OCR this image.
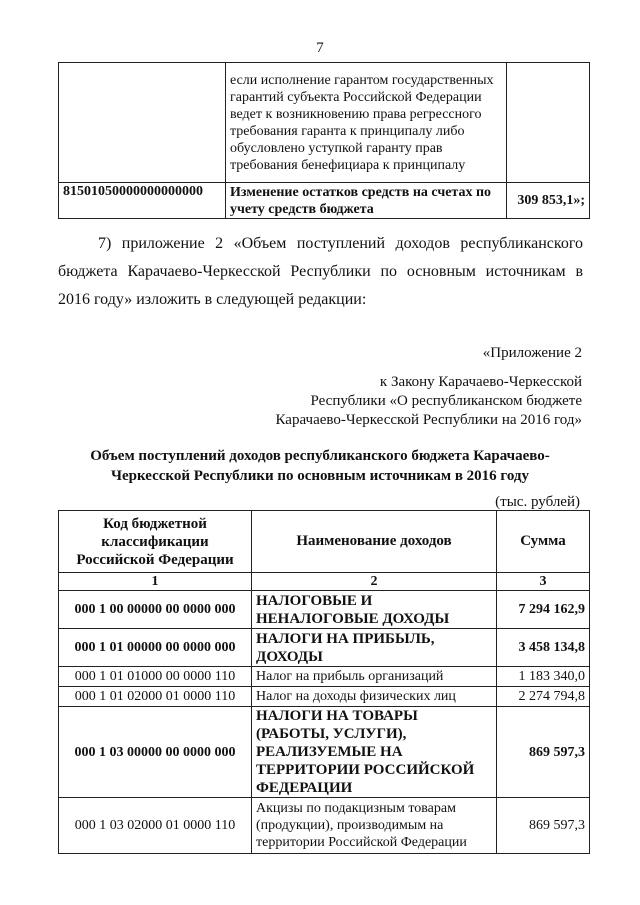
7
	если исполнение гарантом государственных гарантий субъекта Российской Федерации ведет к возникновению права регрессного требования гаранта к принципалу либо обусловлено уступкой гаранту прав требования бенефициара к принципалу	
81501050000000000000	Изменение остатков средств на счетах по учету средств бюджета	309 853,1»;
7) приложение 2 «Объем поступлений доходов республиканского бюджета Карачаево-Черкесской Республики по основным источникам в 2016 году» изложить в следующей редакции:
«Приложение 2
к Закону Карачаево-Черкесской
Республики «О республиканском бюджете
Карачаево-Черкесской Республики на 2016 год»
Объем поступлений доходов республиканского бюджета Карачаево-Черкесской Республики по основным источникам в 2016 году
(тыс. рублей)
Код бюджетной классификации Российской Федерации	Наименование доходов	Сумма
1	2	3
000 1 00 00000 00 0000 000	НАЛОГОВЫЕ И НЕНАЛОГОВЫЕ ДОХОДЫ	7 294 162,9
000 1 01 00000 00 0000 000	НАЛОГИ НА ПРИБЫЛЬ, ДОХОДЫ	3 458 134,8
000 1 01 01000 00 0000 110	Налог на прибыль организаций	1 183 340,0
000 1 01 02000 01 0000 110	Налог на доходы физических лиц	2 274 794,8
000 1 03 00000 00 0000 000	НАЛОГИ НА ТОВАРЫ (РАБОТЫ, УСЛУГИ), РЕАЛИЗУЕМЫЕ НА ТЕРРИТОРИИ РОССИЙСКОЙ ФЕДЕРАЦИИ	869 597,3
000 1 03 02000 01 0000 110	Акцизы по подакцизным товарам (продукции), производимым на территории Российской Федерации	869 597,3
